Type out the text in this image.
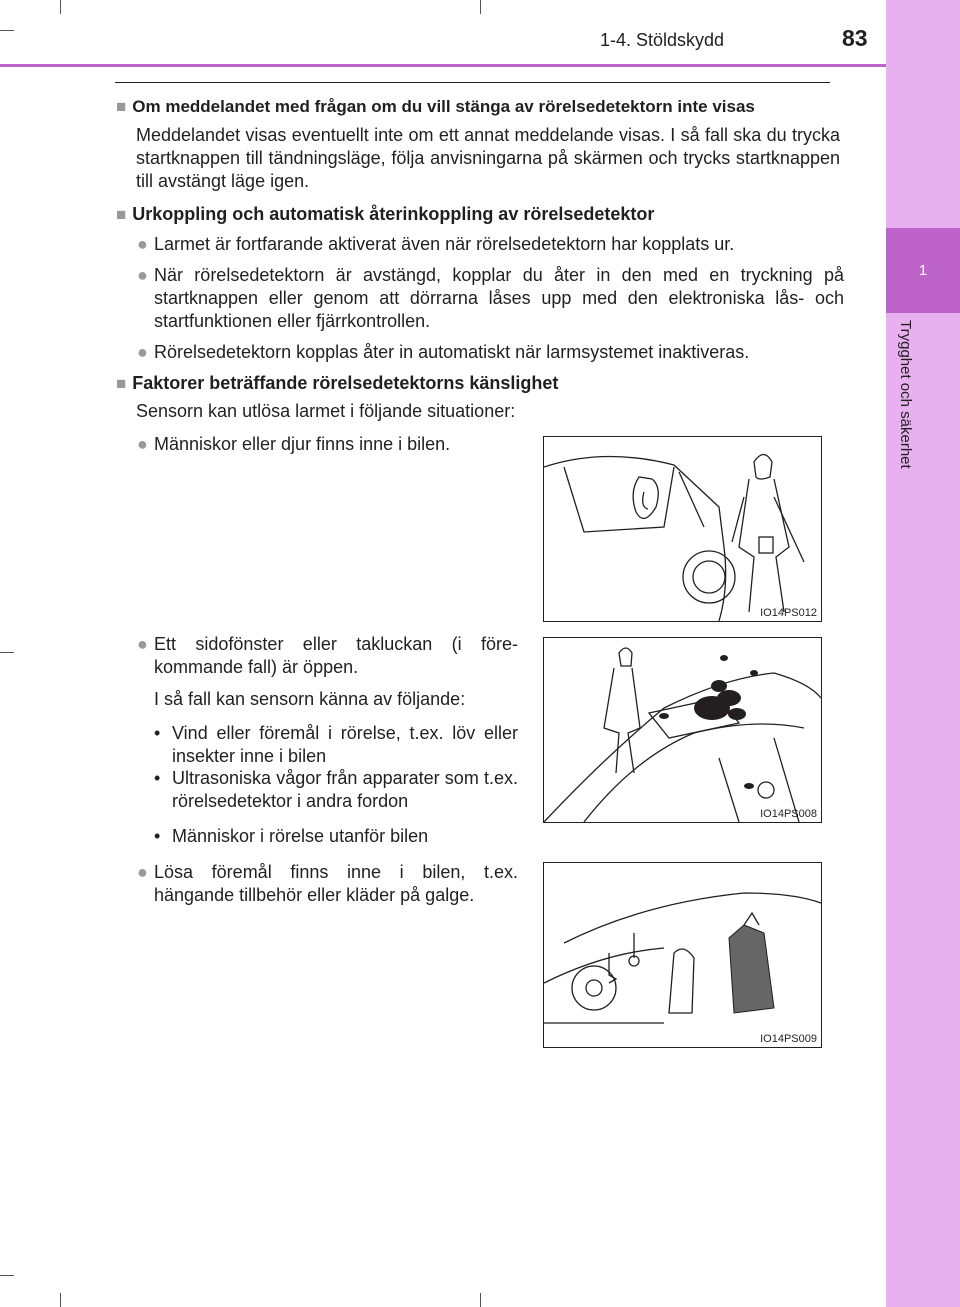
1
Trygghet och säkerhet
1-4. Stöldskydd	83
■ Om meddelandet med frågan om du vill stänga av rörelsedetektorn inte visas
Meddelandet visas eventuellt inte om ett annat meddelande visas. I så fall ska du trycka startknappen till tändningsläge, följa anvisningarna på skärmen och trycks startknappen till avstängt läge igen.
■ Urkoppling och automatisk återinkoppling av rörelsedetektor
● Larmet är fortfarande aktiverat även när rörelsedetektorn har kopplats ur.
● När rörelsedetektorn är avstängd, kopplar du åter in den med en tryckning på startknappen eller genom att dörrarna låses upp med den elektroniska lås- och startfunktionen eller fjärrkontrollen.
● Rörelsedetektorn kopplas åter in automatiskt när larmsystemet inaktiveras.
■ Faktorer beträffande rörelsedetektorns känslighet
Sensorn kan utlösa larmet i följande situationer:
● Människor eller djur finns inne i bilen.
● Ett sidofönster eller takluckan (i före-kommande fall) är öppen.
I så fall kan sensorn känna av följande:
• Vind eller föremål i rörelse, t.ex. löv eller insekter inne i bilen
• Ultrasoniska vågor från apparater som t.ex. rörelsedetektor i andra fordon
• Människor i rörelse utanför bilen
● Lösa föremål finns inne i bilen, t.ex. hängande tillbehör eller kläder på galge.
IO14PS012
IO14PS008
IO14PS009
